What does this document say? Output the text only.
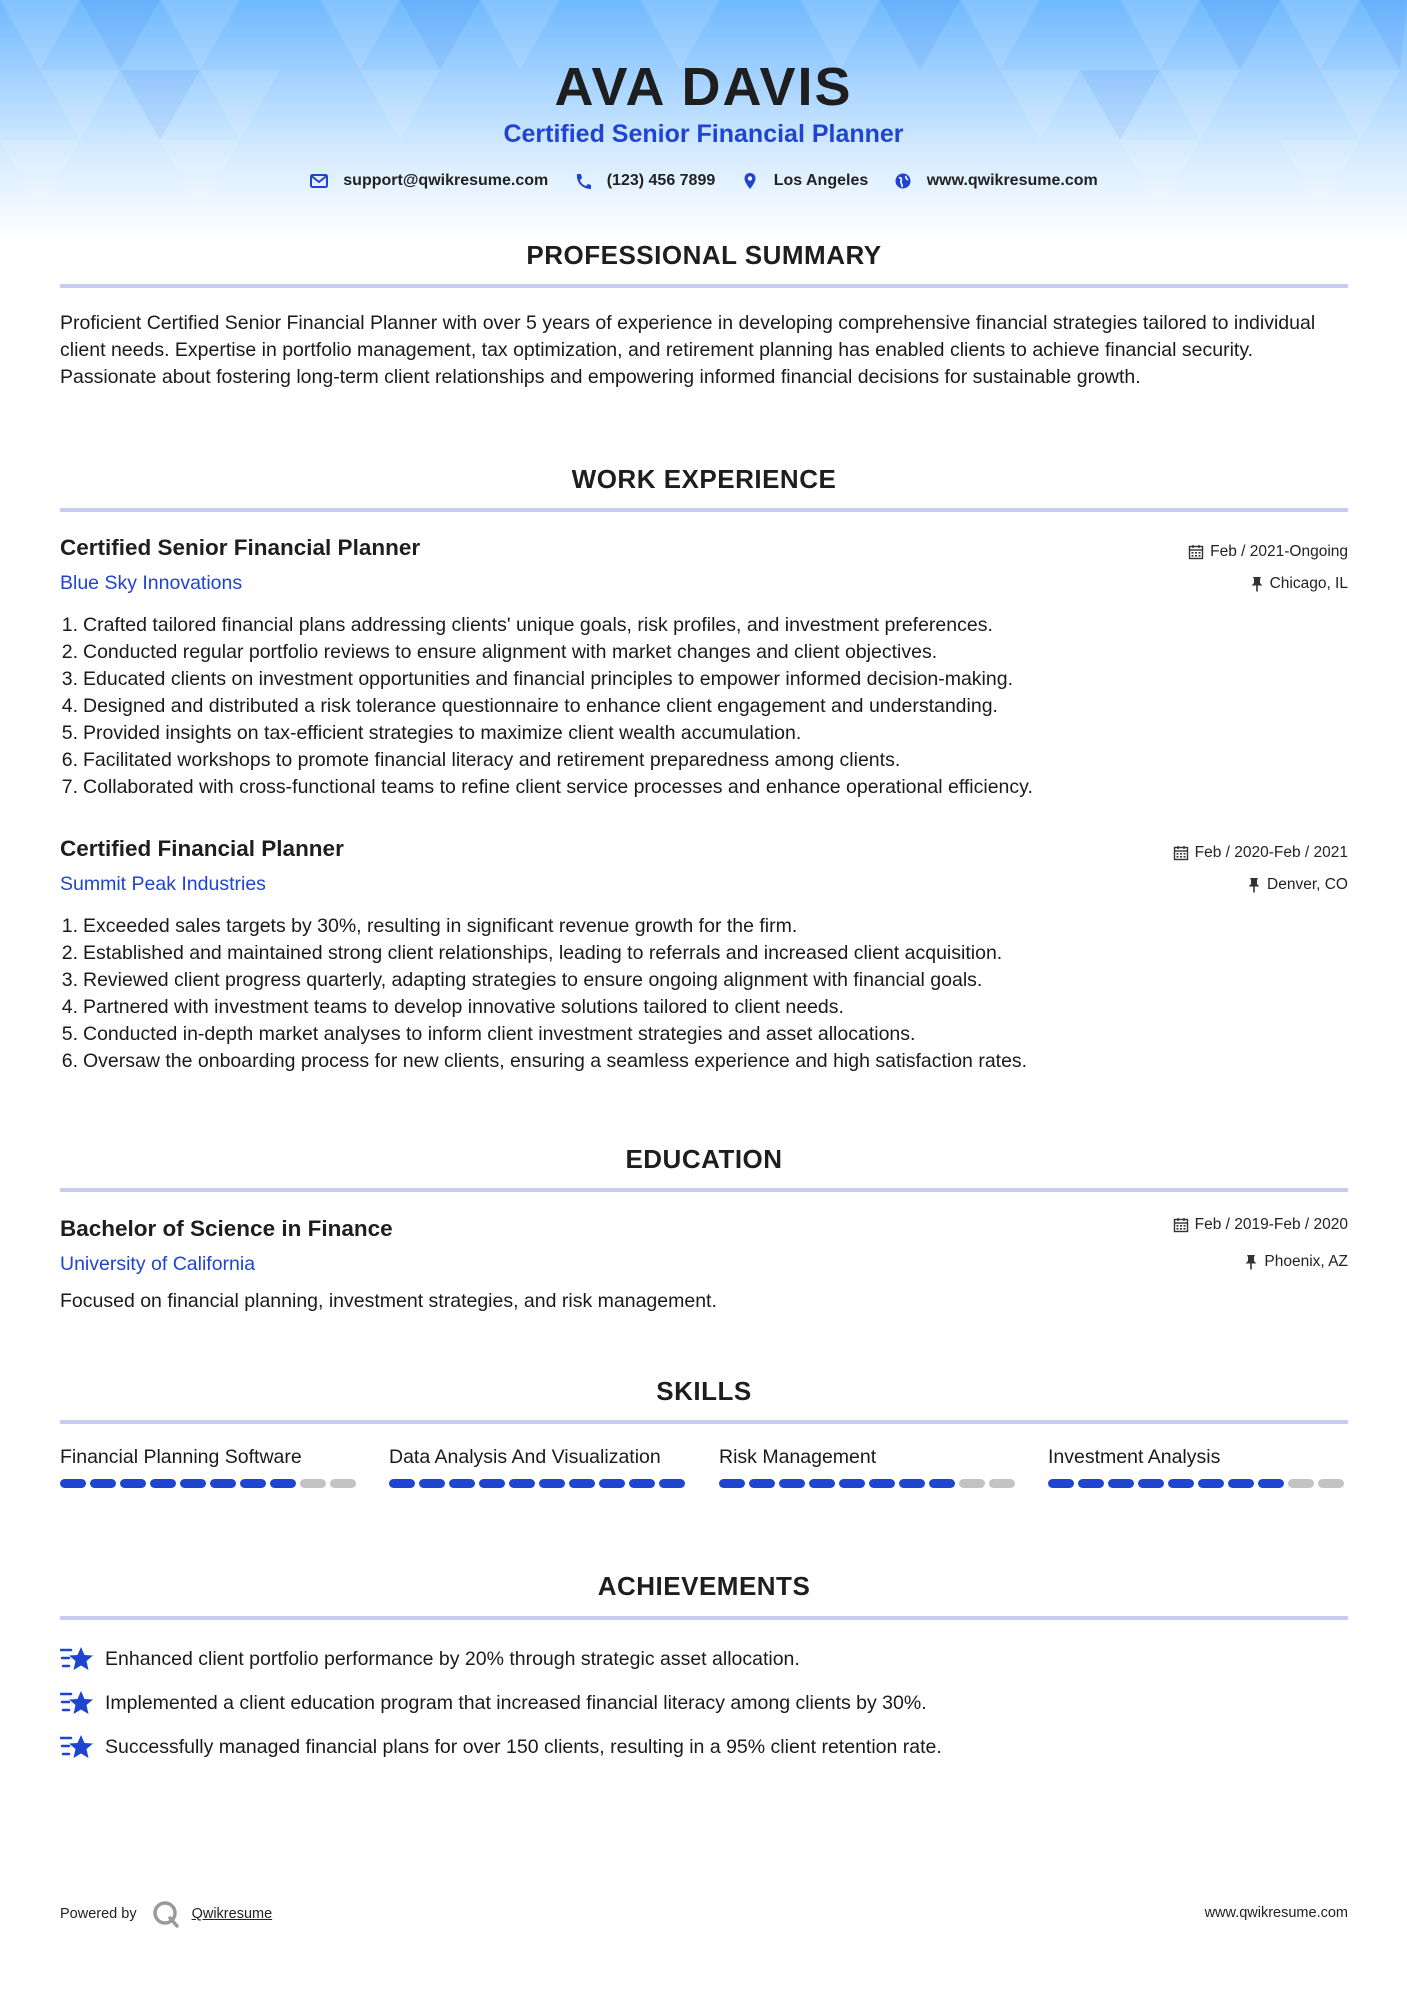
AVA DAVIS
Certified Senior Financial Planner
support@qwikresume.com
	(123) 456 7899
	Los Angeles
	www.qwikresume.com
PROFESSIONAL SUMMARY
Proficient Certified Senior Financial Planner with over 5 years of experience in developing comprehensive financial strategies tailored to individual client needs. Expertise in portfolio management, tax optimization, and retirement planning has enabled clients to achieve financial security. Passionate about fostering long-term client relationships and empowering informed financial decisions for sustainable growth.
WORK EXPERIENCE
Certified Senior Financial Planner
Blue Sky Innovations
Feb / 2021-Ongoing
Chicago, IL
1. Crafted tailored financial plans addressing clients' unique goals, risk profiles, and investment preferences.
2. Conducted regular portfolio reviews to ensure alignment with market changes and client objectives.
3. Educated clients on investment opportunities and financial principles to empower informed decision-making.
4. Designed and distributed a risk tolerance questionnaire to enhance client engagement and understanding.
5. Provided insights on tax-efficient strategies to maximize client wealth accumulation.
6. Facilitated workshops to promote financial literacy and retirement preparedness among clients.
7. Collaborated with cross-functional teams to refine client service processes and enhance operational efficiency.
Certified Financial Planner
Summit Peak Industries
Feb / 2020-Feb / 2021
Denver, CO
1. Exceeded sales targets by 30%, resulting in significant revenue growth for the firm.
2. Established and maintained strong client relationships, leading to referrals and increased client acquisition.
3. Reviewed client progress quarterly, adapting strategies to ensure ongoing alignment with financial goals.
4. Partnered with investment teams to develop innovative solutions tailored to client needs.
5. Conducted in-depth market analyses to inform client investment strategies and asset allocations.
6. Oversaw the onboarding process for new clients, ensuring a seamless experience and high satisfaction rates.
EDUCATION
Bachelor of Science in Finance
University of California
Feb / 2019-Feb / 2020
Phoenix, AZ
Focused on financial planning, investment strategies, and risk management.
SKILLS
Financial Planning Software	Data Analysis And Visualization	Risk Management	Investment Analysis
ACHIEVEMENTS
Enhanced client portfolio performance by 20% through strategic asset allocation.
Implemented a client education program that increased financial literacy among clients by 30%.
Successfully managed financial plans for over 150 clients, resulting in a 95% client retention rate.
Powered by	Qwikresume	www.qwikresume.com
